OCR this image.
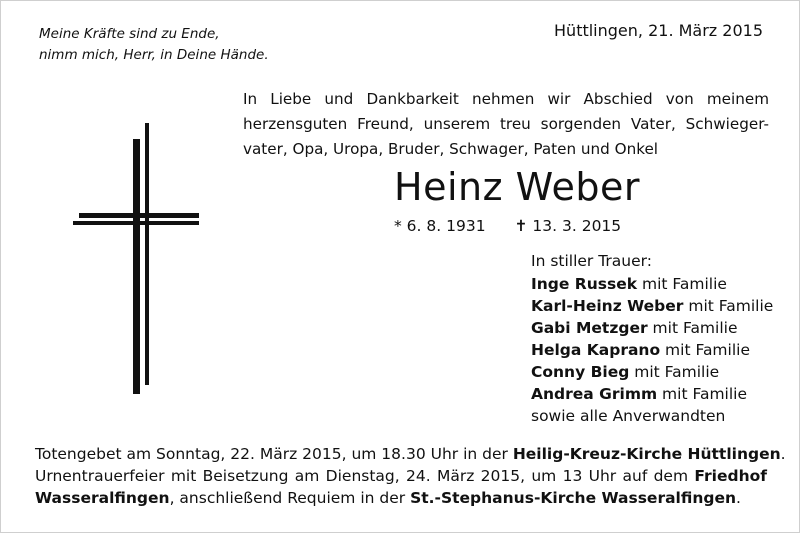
Meine Kräfte sind zu Ende,
nimm mich, Herr, in Deine Hände.
Hüttlingen, 21. März 2015
In Liebe und Dankbarkeit nehmen wir Abschied von meinem
herzensguten Freund, unserem treu sorgenden Vater, Schwieger-
vater, Opa, Uropa, Bruder, Schwager, Paten und Onkel
Heinz Weber
* 6. 8. 1931 ✝ 13. 3. 2015
In stiller Trauer:
Inge Russek mit Familie
Karl-Heinz Weber mit Familie
Gabi Metzger mit Familie
Helga Kaprano mit Familie
Conny Bieg mit Familie
Andrea Grimm mit Familie
sowie alle Anverwandten
Totengebet am Sonntag, 22. März 2015, um 18.30 Uhr in der Heilig-Kreuz-Kirche Hüttlingen.
Urnentrauerfeier mit Beisetzung am Dienstag, 24. März 2015, um 13 Uhr auf dem Friedhof
Wasseralfingen, anschließend Requiem in der St.-Stephanus-Kirche Wasseralfingen.
